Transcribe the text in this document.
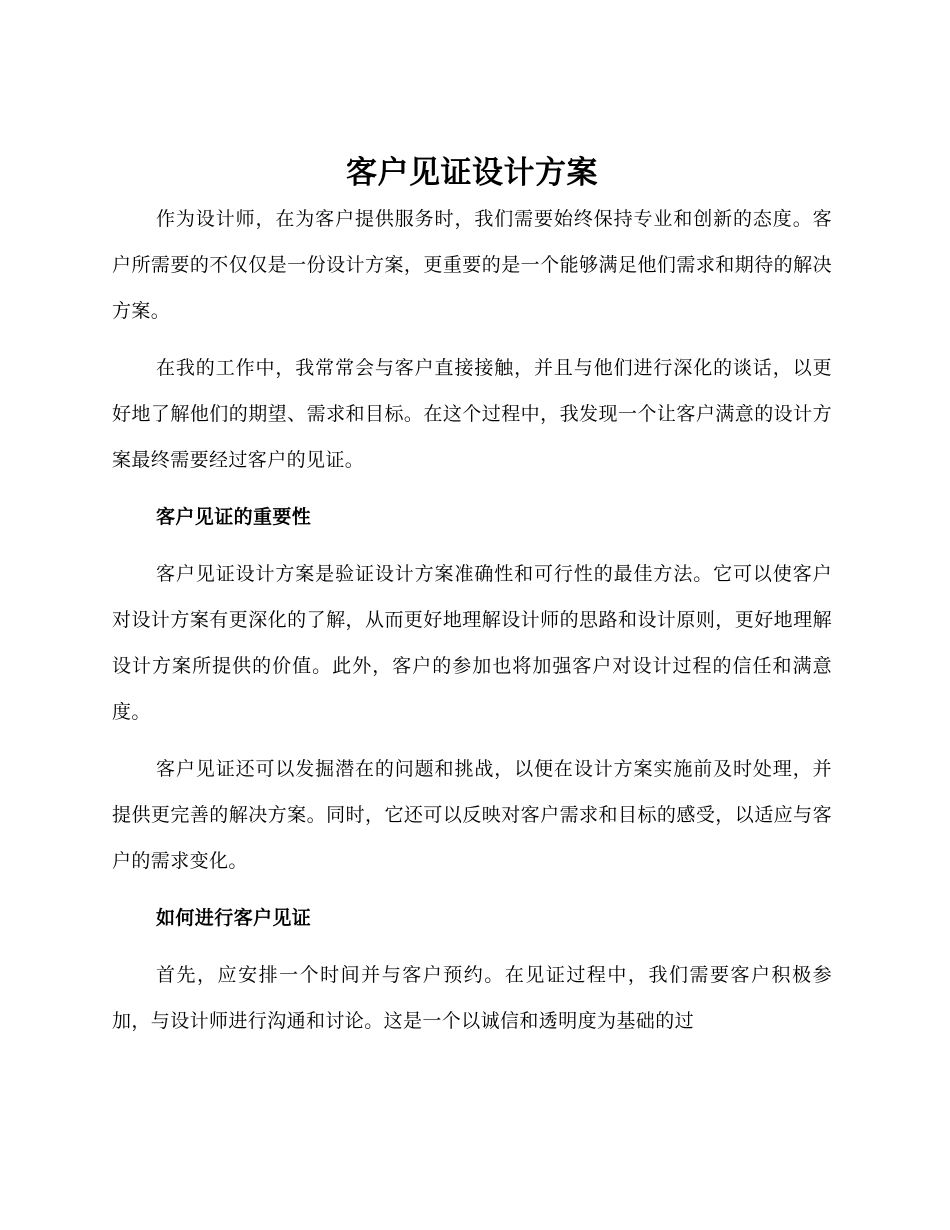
客户见证设计方案

作为设计师，在为客户提供服务时，我们需要始终保持专业和创新的态度。客户所需要的不仅仅是一份设计方案，更重要的是一个能够满足他们需求和期待的解决方案。

在我的工作中，我常常会与客户直接接触，并且与他们进行深化的谈话，以更好地了解他们的期望、需求和目标。在这个过程中，我发现一个让客户满意的设计方案最终需要经过客户的见证。

客户见证的重要性

客户见证设计方案是验证设计方案准确性和可行性的最佳方法。它可以使客户对设计方案有更深化的了解，从而更好地理解设计师的思路和设计原则，更好地理解设计方案所提供的价值。此外，客户的参加也将加强客户对设计过程的信任和满意度。

客户见证还可以发掘潜在的问题和挑战，以便在设计方案实施前及时处理，并提供更完善的解决方案。同时，它还可以反映对客户需求和目标的感受，以适应与客户的需求变化。

如何进行客户见证

首先，应安排一个时间并与客户预约。在见证过程中，我们需要客户积极参加，与设计师进行沟通和讨论。这是一个以诚信和透明度为基础的过
